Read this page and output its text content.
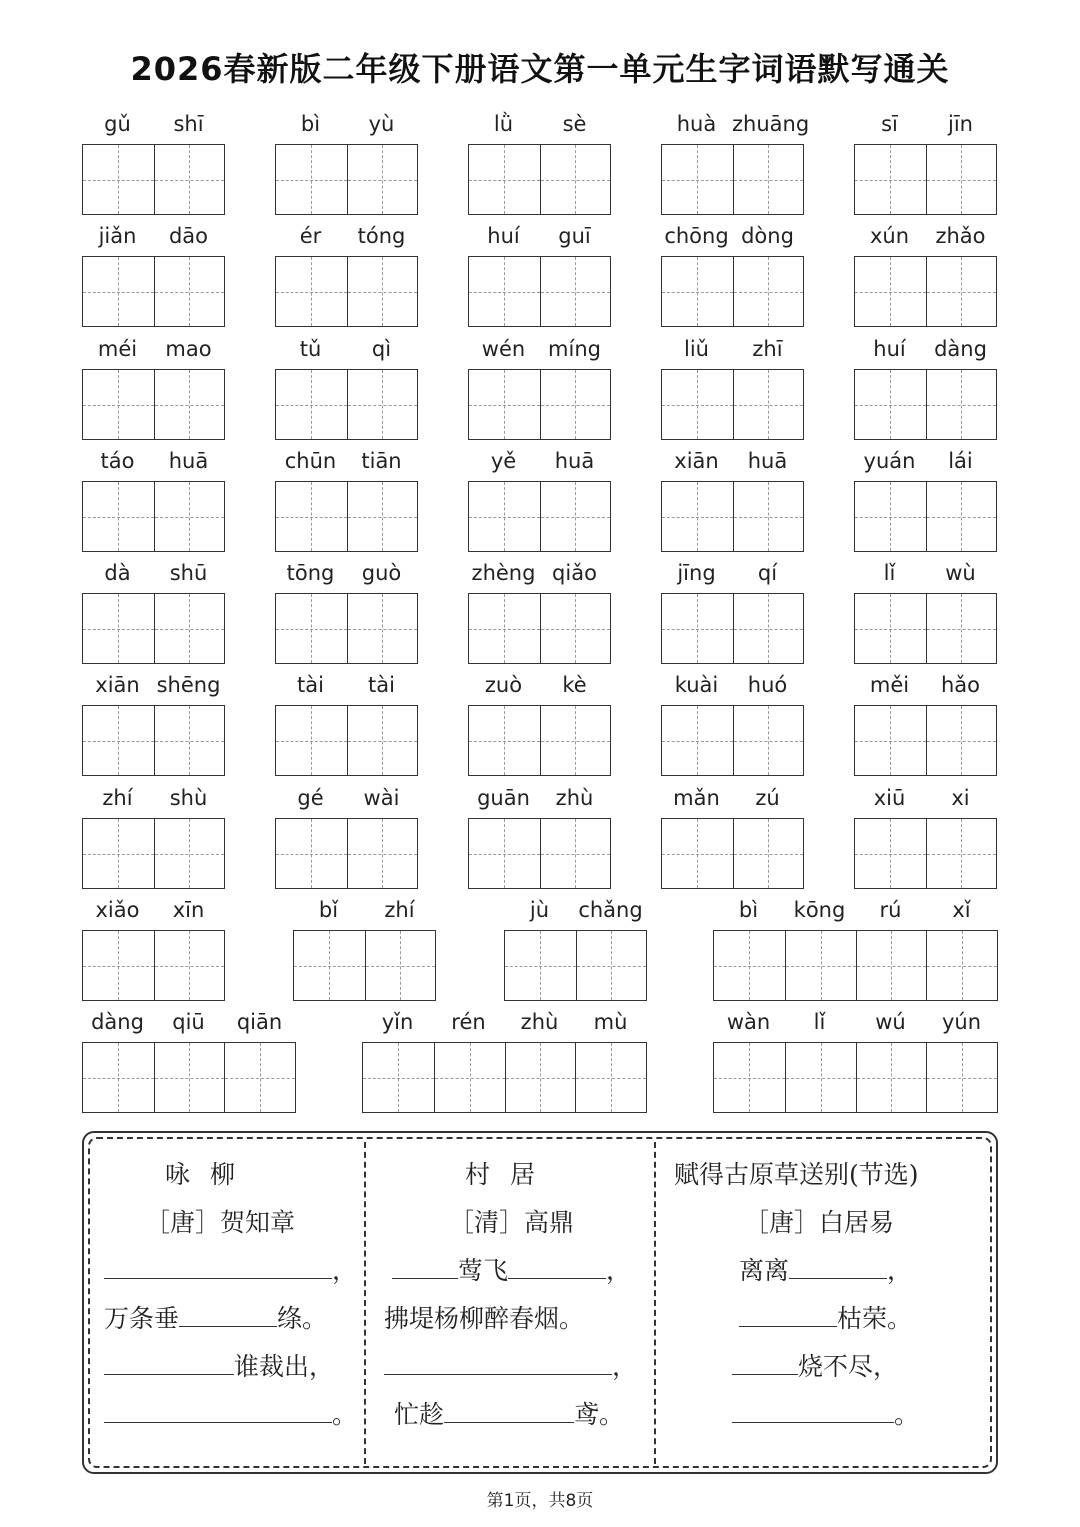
2026春新版二年级下册语文第一单元生字词语默写通关
gǔ	shī	bì	yù	lǜ	sè	huà zhuāng	sī	jīn
jiǎn	dāo	ér	tóng	huí	guī	chōng dòng	xún	zhǎo
méi	mao	tǔ	qì	wén	míng	liǔ	zhī	huí	dàng
táo	huā	chūn	tiān	yě	huā	xiān	huā	yuán	lái
dà	shū	tōng	guò	zhèng qiǎo	jīng	qí	lǐ	wù
xiān shēng	tài	tài	zuò	kè	kuài	huó	měi	hǎo
zhí	shù	gé	wài	guān	zhù	mǎn	zú	xiū	xi
xiǎo	xīn	bǐ	zhí	jù	chǎng	bì	kōng	rú	xǐ
dàng	qiū	qiān	yǐn	rén	zhù	mù	wàn	lǐ	wú	yún
咏柳
［唐］贺知章
，
万条垂	绦。
谁裁出，
。
村居
［清］高鼎
莺飞	，
拂堤杨柳醉春烟。
，
忙趁	鸢。
赋得古原草送别(节选)
［唐］白居易
离离	，
枯荣。
烧不尽，
。
第1页，共8页
